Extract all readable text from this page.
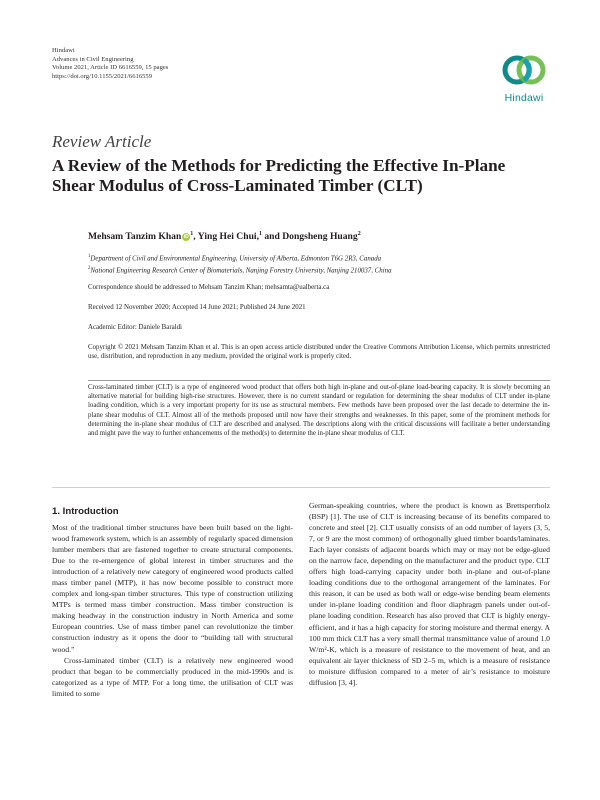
Hindawi
Advances in Civil Engineering
Volume 2021, Article ID 6616559, 15 pages
https://doi.org/10.1155/2021/6616559
Hindawi
Review Article
A Review of the Methods for Predicting the Effective In-Plane Shear Modulus of Cross-Laminated Timber (CLT)
Mehsam Tanzim Khan $iD^1$, Ying Hei Chui,$^1$ and Dongsheng Huang$^2$
$^1$Department of Civil and Environmental Engineering, University of Alberta, Edmonton T6G 2R3, Canada
$^2$National Engineering Research Center of Biomaterials, Nanjing Forestry University, Nanjing 210037, China
Correspondence should be addressed to Mehsam Tanzim Khan; mehsamta@ualberta.ca
Received 12 November 2020; Accepted 14 June 2021; Published 24 June 2021
Academic Editor: Daniele Baraldi
Copyright © 2021 Mehsam Tanzim Khan et al. This is an open access article distributed under the Creative Commons Attribution License, which permits unrestricted use, distribution, and reproduction in any medium, provided the original work is properly cited.
Cross-laminated timber (CLT) is a type of engineered wood product that offers both high in-plane and out-of-plane load-bearing capacity. It is slowly becoming an alternative material for building high-rise structures. However, there is no current standard or regulation for determining the shear modulus of CLT under in-plane loading condition, which is a very important property for its use as structural members. Few methods have been proposed over the last decade to determine the in-plane shear modulus of CLT. Almost all of the methods proposed until now have their strengths and weaknesses. In this paper, some of the prominent methods for determining the in-plane shear modulus of CLT are described and analysed. The descriptions along with the critical discussions will facilitate a better understanding and might pave the way to further enhancements of the method(s) to determine the in-plane shear modulus of CLT.
1. Introduction

Most of the traditional timber structures have been built based on the light-wood framework system, which is an assembly of regularly spaced dimension lumber members that are fastened together to create structural components. Due to the re-emergence of global interest in timber structures and the introduction of a relatively new category of engineered wood products called mass timber panel (MTP), it has now become possible to construct more complex and long-span timber structures. This type of construction utilizing MTPs is termed mass timber construction. Mass timber construction is making headway in the construction industry in North America and some European countries. Use of mass timber panel can revolutionize the timber construction industry as it opens the door to “building tall with structural wood.”

Cross-laminated timber (CLT) is a relatively new engineered wood product that began to be commercially produced in the mid-1990s and is categorized as a type of MTP. For a long time, the utilisation of CLT was limited to some

German-speaking countries, where the product is known as Brettsperrholz (BSP) [1]. The use of CLT is increasing because of its benefits compared to concrete and steel [2]. CLT usually consists of an odd number of layers (3, 5, 7, or 9 are the most common) of orthogonally glued timber boards/laminates. Each layer consists of adjacent boards which may or may not be edge-glued on the narrow face, depending on the manufacturer and the product type. CLT offers high load-carrying capacity under both in-plane and out-of-plane loading conditions due to the orthogonal arrangement of the laminates. For this reason, it can be used as both wall or edge-wise bending beam elements under in-plane loading condition and floor diaphragm panels under out-of-plane loading condition. Research has also proved that CLT is highly energy-efficient, and it has a high capacity for storing moisture and thermal energy. A 100 mm thick CLT has a very small thermal transmittance value of around 1.0 W/m²-K, which is a measure of resistance to the movement of heat, and an equivalent air layer thickness of SD 2–5 m, which is a measure of resistance to moisture diffusion compared to a meter of air’s resistance to moisture diffusion [3, 4].
